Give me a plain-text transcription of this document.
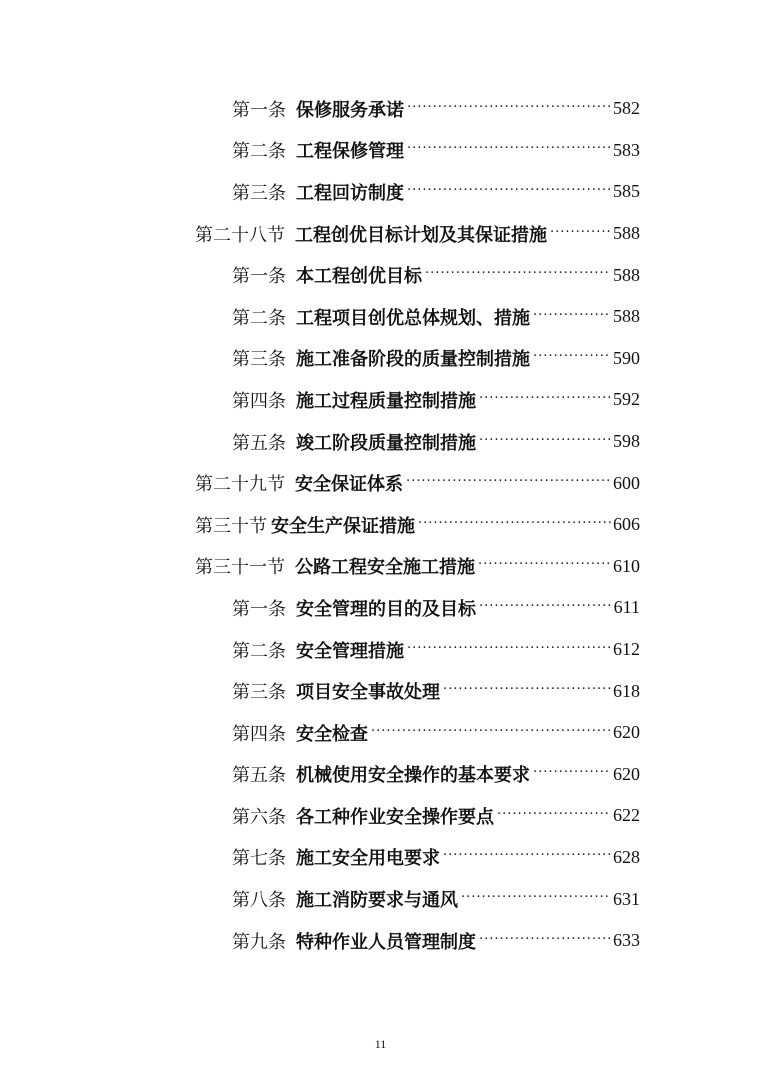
第一条 保修服务承诺 .....	582
第二条 工程保修管理 .....	583
第三条 工程回访制度 .....	585
第二十八节 工程创优目标计划及其保证措施 .....	588
第一条 本工程创优目标 .....	588
第二条 工程项目创优总体规划、措施 .....	588
第三条 施工准备阶段的质量控制措施 .....	590
第四条 施工过程质量控制措施 .....	592
第五条 竣工阶段质量控制措施 .....	598
第二十九节 安全保证体系 .....	600
第三十节 安全生产保证措施 .....	606
第三十一节 公路工程安全施工措施 .....	610
第一条 安全管理的目的及目标 .....	611
第二条 安全管理措施 .....	612
第三条 项目安全事故处理 .....	618
第四条 安全检查 .....	620
第五条 机械使用安全操作的基本要求 .....	620
第六条 各工种作业安全操作要点 .....	622
第七条 施工安全用电要求 .....	628
第八条 施工消防要求与通风 .....	631
第九条 特种作业人员管理制度 .....	633
11
